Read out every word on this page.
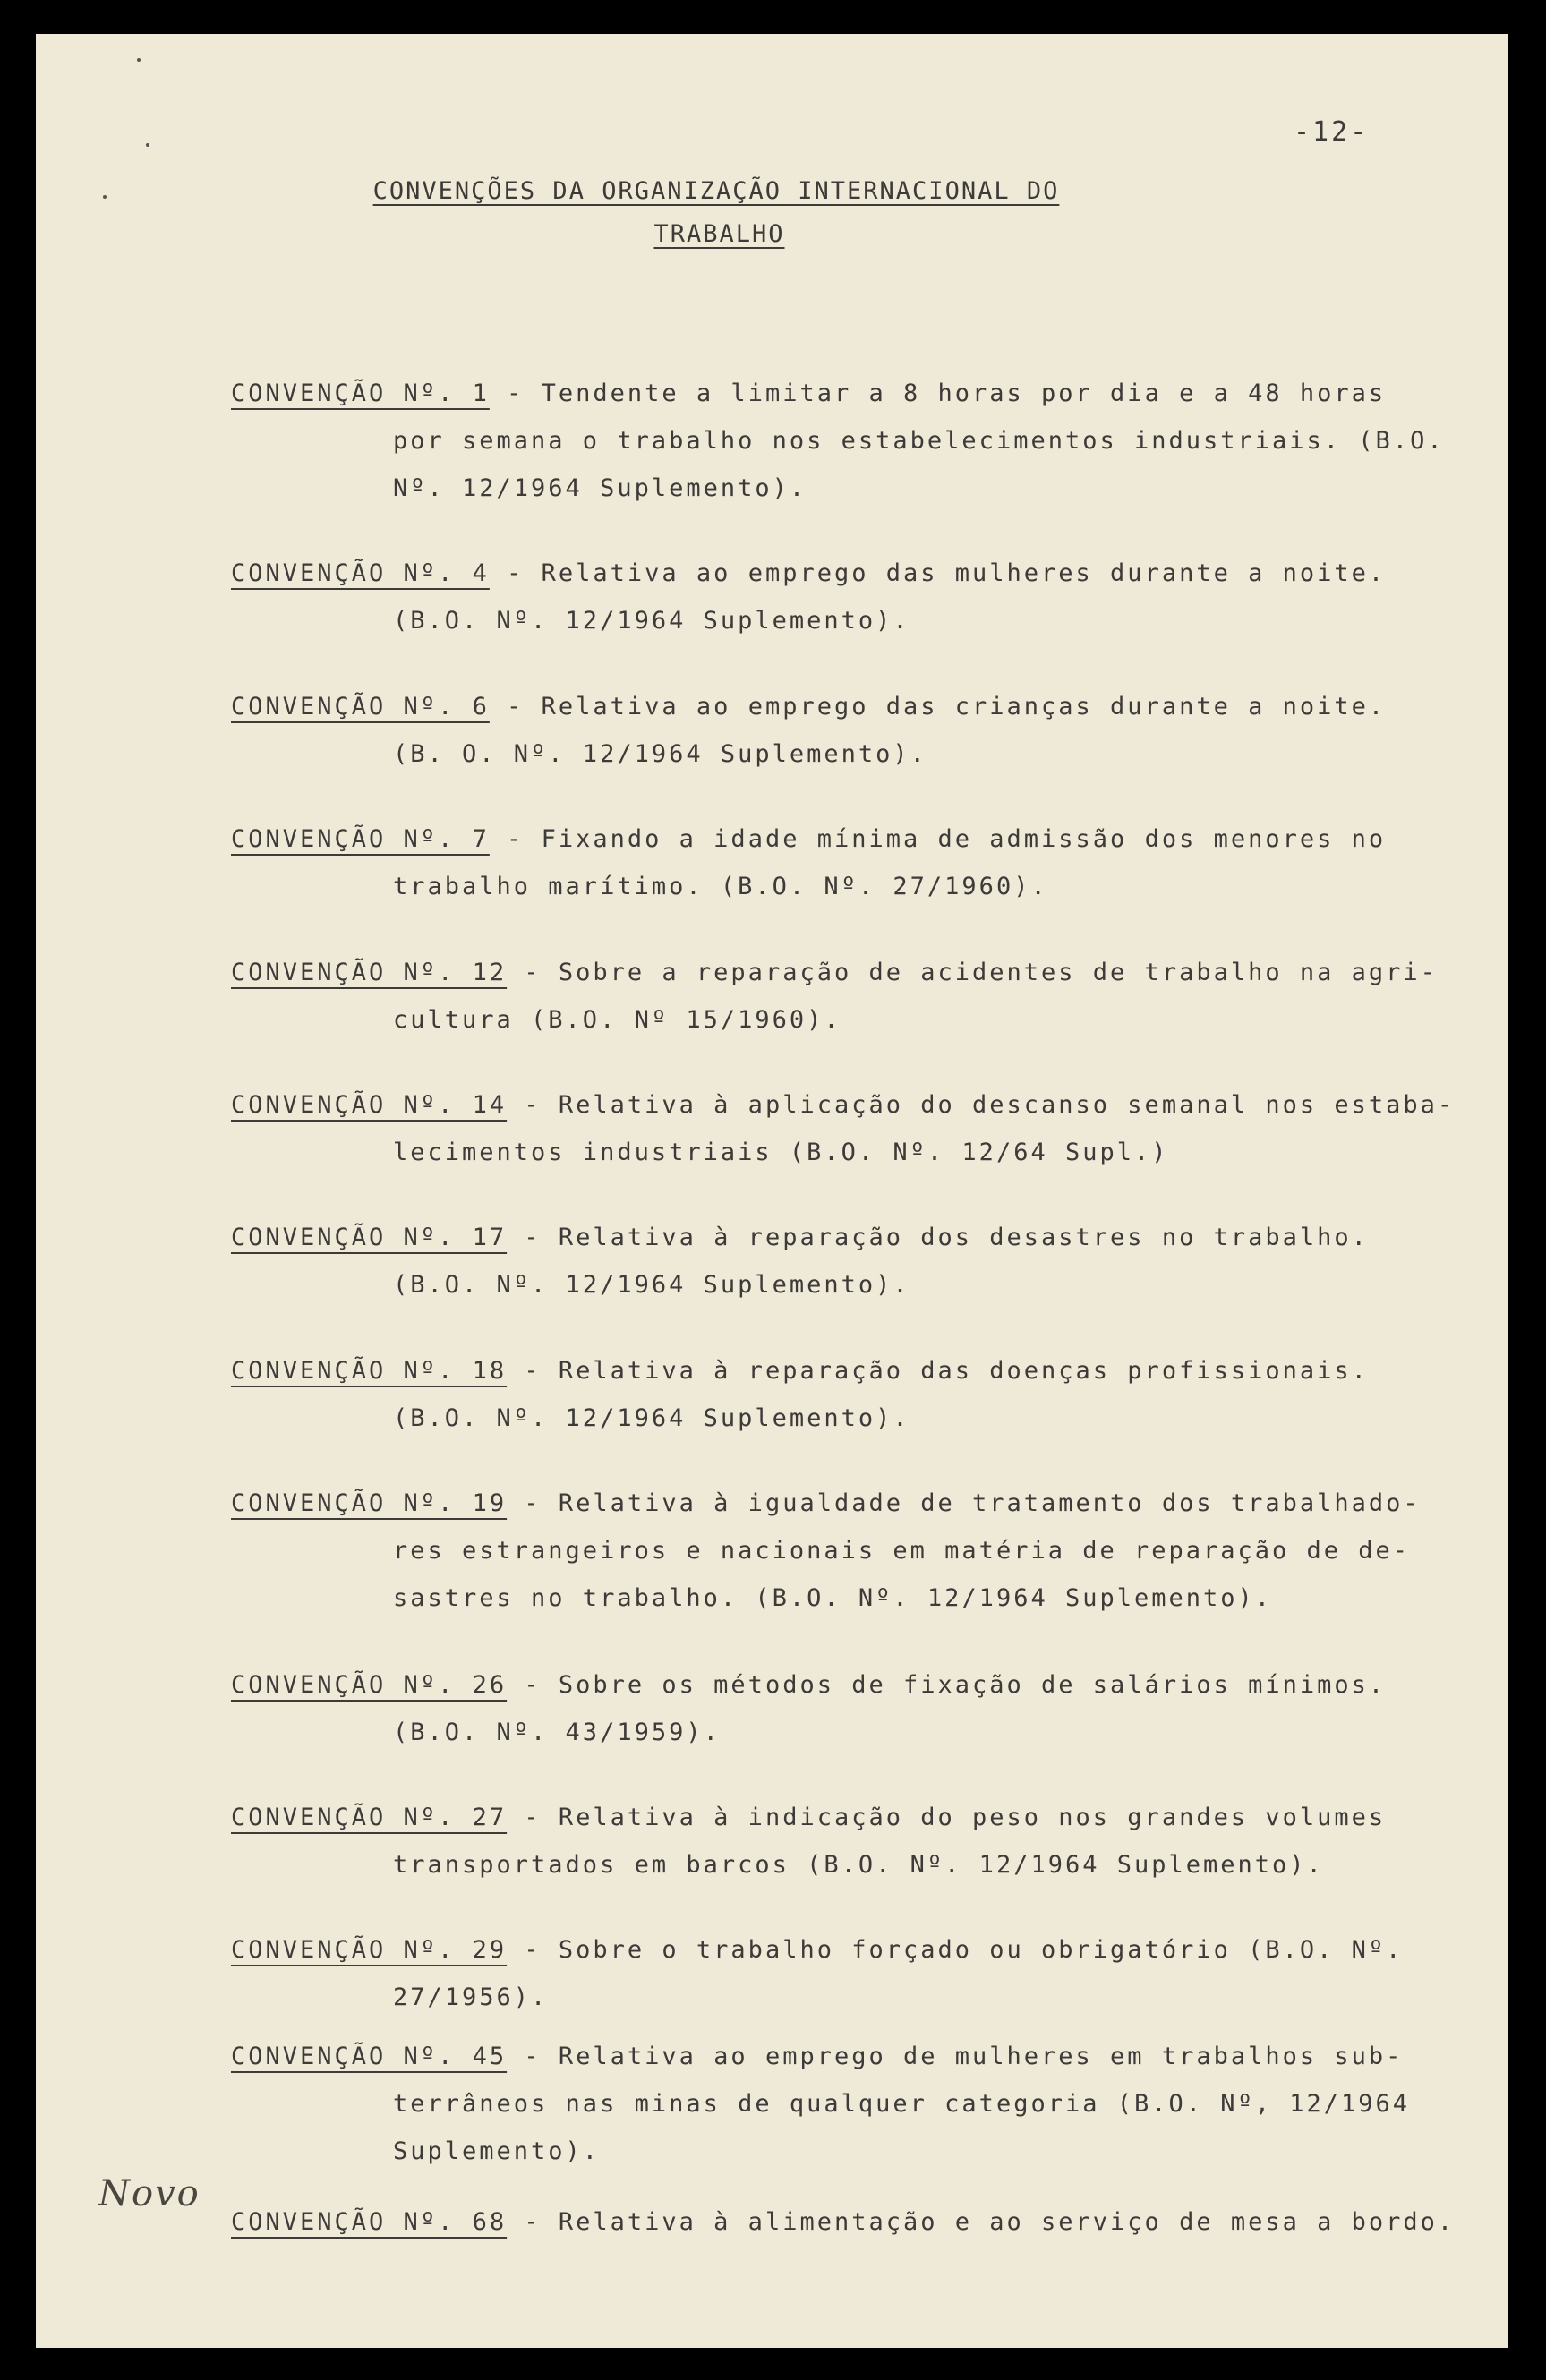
-12-
CONVENÇÕES DA ORGANIZAÇÃO INTERNACIONAL DO
TRABALHO
CONVENÇÃO Nº. 1 - Tendente a limitar a 8 horas por dia e a 48 horas
por semana o trabalho nos estabelecimentos industriais. (B.O.
Nº. 12/1964 Suplemento).
CONVENÇÃO Nº. 4 - Relativa ao emprego das mulheres durante a noite.
(B.O. Nº. 12/1964 Suplemento).
CONVENÇÃO Nº. 6 - Relativa ao emprego das crianças durante a noite.
(B. O. Nº. 12/1964 Suplemento).
CONVENÇÃO Nº. 7 - Fixando a idade mínima de admissão dos menores no
trabalho marítimo. (B.O. Nº. 27/1960).
CONVENÇÃO Nº. 12 - Sobre a reparação de acidentes de trabalho na agri-
cultura (B.O. Nº 15/1960).
CONVENÇÃO Nº. 14 - Relativa à aplicação do descanso semanal nos estaba-
lecimentos industriais (B.O. Nº. 12/64 Supl.)
CONVENÇÃO Nº. 17 - Relativa à reparação dos desastres no trabalho.
(B.O. Nº. 12/1964 Suplemento).
CONVENÇÃO Nº. 18 - Relativa à reparação das doenças profissionais.
(B.O. Nº. 12/1964 Suplemento).
CONVENÇÃO Nº. 19 - Relativa à igualdade de tratamento dos trabalhado-
res estrangeiros e nacionais em matéria de reparação de de-
sastres no trabalho. (B.O. Nº. 12/1964 Suplemento).
CONVENÇÃO Nº. 26 - Sobre os métodos de fixação de salários mínimos.
(B.O. Nº. 43/1959).
CONVENÇÃO Nº. 27 - Relativa à indicação do peso nos grandes volumes
transportados em barcos (B.O. Nº. 12/1964 Suplemento).
CONVENÇÃO Nº. 29 - Sobre o trabalho forçado ou obrigatório (B.O. Nº.
27/1956).
CONVENÇÃO Nº. 45 - Relativa ao emprego de mulheres em trabalhos sub-
terrâneos nas minas de qualquer categoria (B.O. Nº, 12/1964
Suplemento).
CONVENÇÃO Nº. 68 - Relativa à alimentação e ao serviço de mesa a bordo.
Novo
